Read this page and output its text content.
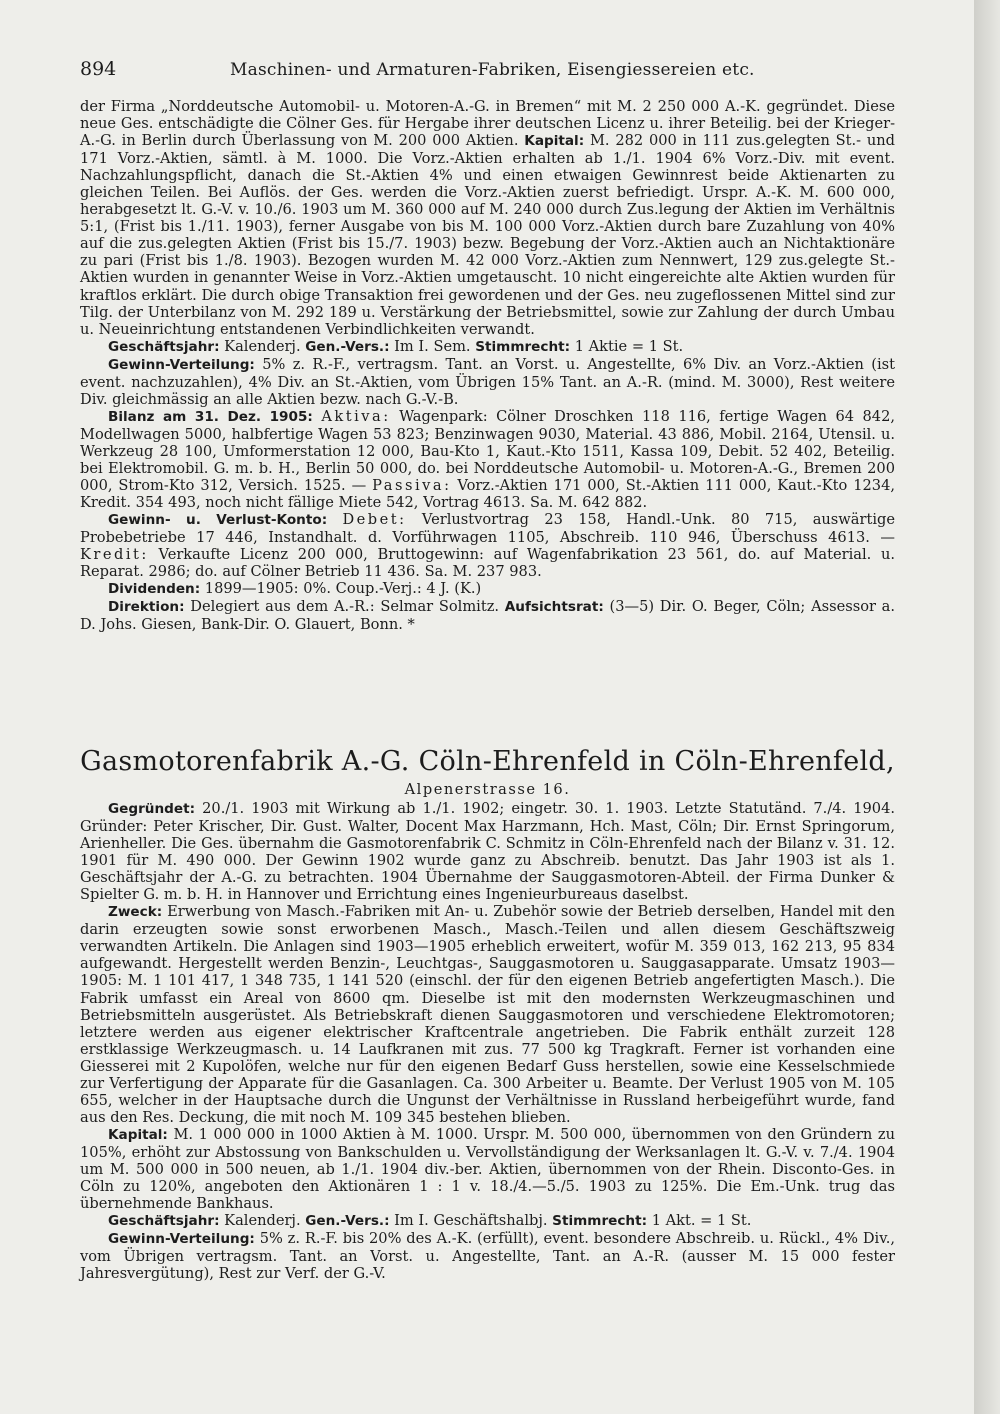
894	Maschinen- und Armaturen-Fabriken, Eisengiessereien etc.

der Firma „Norddeutsche Automobil- u. Motoren-A.-G. in Bremen“ mit M. 2 250 000 A.-K. gegründet. Diese neue Ges. entschädigte die Cölner Ges. für Hergabe ihrer deutschen Licenz u. ihrer Beteilig. bei der Krieger-A.-G. in Berlin durch Überlassung von M. 200 000 Aktien. Kapital: M. 282 000 in 111 zus.gelegten St.- und 171 Vorz.-Aktien, sämtl. à M. 1000. Die Vorz.-Aktien erhalten ab 1./1. 1904 6% Vorz.-Div. mit event. Nachzahlungspflicht, danach die St.-Aktien 4% und einen etwaigen Gewinnrest beide Aktienarten zu gleichen Teilen. Bei Auflös. der Ges. werden die Vorz.-Aktien zuerst befriedigt. Urspr. A.-K. M. 600 000, herabgesetzt lt. G.-V. v. 10./6. 1903 um M. 360 000 auf M. 240 000 durch Zus.legung der Aktien im Verhältnis 5:1, (Frist bis 1./11. 1903), ferner Ausgabe von bis M. 100 000 Vorz.-Aktien durch bare Zuzahlung von 40% auf die zus.gelegten Aktien (Frist bis 15./7. 1903) bezw. Begebung der Vorz.-Aktien auch an Nichtaktionäre zu pari (Frist bis 1./8. 1903). Bezogen wurden M. 42 000 Vorz.-Aktien zum Nennwert, 129 zus.gelegte St.-Aktien wurden in genannter Weise in Vorz.-Aktien umgetauscht. 10 nicht eingereichte alte Aktien wurden für kraftlos erklärt. Die durch obige Transaktion frei gewordenen und der Ges. neu zugeflossenen Mittel sind zur Tilg. der Unterbilanz von M. 292 189 u. Verstärkung der Betriebsmittel, sowie zur Zahlung der durch Umbau u. Neueinrichtung entstandenen Verbindlichkeiten verwandt.

Geschäftsjahr: Kalenderj. Gen.-Vers.: Im I. Sem. Stimmrecht: 1 Aktie = 1 St.

Gewinn-Verteilung: 5% z. R.-F., vertragsm. Tant. an Vorst. u. Angestellte, 6% Div. an Vorz.-Aktien (ist event. nachzuzahlen), 4% Div. an St.-Aktien, vom Übrigen 15% Tant. an A.-R. (mind. M. 3000), Rest weitere Div. gleichmässig an alle Aktien bezw. nach G.-V.-B.

Bilanz am 31. Dez. 1905: Aktiva: Wagenpark: Cölner Droschken 118 116, fertige Wagen 64 842, Modellwagen 5000, halbfertige Wagen 53 823; Benzinwagen 9030, Material. 43 886, Mobil. 2164, Utensil. u. Werkzeug 28 100, Umformerstation 12 000, Bau-Kto 1, Kaut.-Kto 1511, Kassa 109, Debit. 52 402, Beteilig. bei Elektromobil. G. m. b. H., Berlin 50 000, do. bei Norddeutsche Automobil- u. Motoren-A.-G., Bremen 200 000, Strom-Kto 312, Versich. 1525. — Passiva: Vorz.-Aktien 171 000, St.-Aktien 111 000, Kaut.-Kto 1234, Kredit. 354 493, noch nicht fällige Miete 542, Vortrag 4613. Sa. M. 642 882.

Gewinn- u. Verlust-Konto: Debet: Verlustvortrag 23 158, Handl.-Unk. 80 715, auswärtige Probebetriebe 17 446, Instandhalt. d. Vorführwagen 1105, Abschreib. 110 946, Überschuss 4613. — Kredit: Verkaufte Licenz 200 000, Bruttogewinn: auf Wagenfabrikation 23 561, do. auf Material. u. Reparat. 2986; do. auf Cölner Betrieb 11 436. Sa. M. 237 983.

Dividenden: 1899—1905: 0%. Coup.-Verj.: 4 J. (K.)

Direktion: Delegiert aus dem A.-R.: Selmar Solmitz. Aufsichtsrat: (3—5) Dir. O. Beger, Cöln; Assessor a. D. Johs. Giesen, Bank-Dir. O. Glauert, Bonn. *

Gasmotorenfabrik A.-G. Cöln-Ehrenfeld in Cöln-Ehrenfeld,
Alpenerstrasse 16.

Gegründet: 20./1. 1903 mit Wirkung ab 1./1. 1902; eingetr. 30. 1. 1903. Letzte Statutänd. 7./4. 1904. Gründer: Peter Krischer, Dir. Gust. Walter, Docent Max Harzmann, Hch. Mast, Cöln; Dir. Ernst Springorum, Arienheller. Die Ges. übernahm die Gasmotorenfabrik C. Schmitz in Cöln-Ehrenfeld nach der Bilanz v. 31. 12. 1901 für M. 490 000. Der Gewinn 1902 wurde ganz zu Abschreib. benutzt. Das Jahr 1903 ist als 1. Geschäftsjahr der A.-G. zu betrachten. 1904 Übernahme der Sauggasmotoren-Abteil. der Firma Dunker & Spielter G. m. b. H. in Hannover und Errichtung eines Ingenieurbureaus daselbst.

Zweck: Erwerbung von Masch.-Fabriken mit An- u. Zubehör sowie der Betrieb derselben, Handel mit den darin erzeugten sowie sonst erworbenen Masch., Masch.-Teilen und allen diesem Geschäftszweig verwandten Artikeln. Die Anlagen sind 1903—1905 erheblich erweitert, wofür M. 359 013, 162 213, 95 834 aufgewandt. Hergestellt werden Benzin-, Leuchtgas-, Sauggasmotoren u. Sauggasapparate. Umsatz 1903—1905: M. 1 101 417, 1 348 735, 1 141 520 (einschl. der für den eigenen Betrieb angefertigten Masch.). Die Fabrik umfasst ein Areal von 8600 qm. Dieselbe ist mit den modernsten Werkzeugmaschinen und Betriebsmitteln ausgerüstet. Als Betriebskraft dienen Sauggasmotoren und verschiedene Elektromotoren; letztere werden aus eigener elektrischer Kraftcentrale angetrieben. Die Fabrik enthält zurzeit 128 erstklassige Werkzeugmasch. u. 14 Laufkranen mit zus. 77 500 kg Tragkraft. Ferner ist vorhanden eine Giesserei mit 2 Kupolöfen, welche nur für den eigenen Bedarf Guss herstellen, sowie eine Kesselschmiede zur Verfertigung der Apparate für die Gasanlagen. Ca. 300 Arbeiter u. Beamte. Der Verlust 1905 von M. 105 655, welcher in der Hauptsache durch die Ungunst der Verhältnisse in Russland herbeigeführt wurde, fand aus den Res. Deckung, die mit noch M. 109 345 bestehen blieben.

Kapital: M. 1 000 000 in 1000 Aktien à M. 1000. Urspr. M. 500 000, übernommen von den Gründern zu 105%, erhöht zur Abstossung von Bankschulden u. Vervollständigung der Werksanlagen lt. G.-V. v. 7./4. 1904 um M. 500 000 in 500 neuen, ab 1./1. 1904 div.-ber. Aktien, übernommen von der Rhein. Disconto-Ges. in Cöln zu 120%, angeboten den Aktionären 1 : 1 v. 18./4.—5./5. 1903 zu 125%. Die Em.-Unk. trug das übernehmende Bankhaus.

Geschäftsjahr: Kalenderj. Gen.-Vers.: Im I. Geschäftshalbj. Stimmrecht: 1 Akt. = 1 St.

Gewinn-Verteilung: 5% z. R.-F. bis 20% des A.-K. (erfüllt), event. besondere Abschreib. u. Rückl., 4% Div., vom Übrigen vertragsm. Tant. an Vorst. u. Angestellte, Tant. an A.-R. (ausser M. 15 000 fester Jahresvergütung), Rest zur Verf. der G.-V.
